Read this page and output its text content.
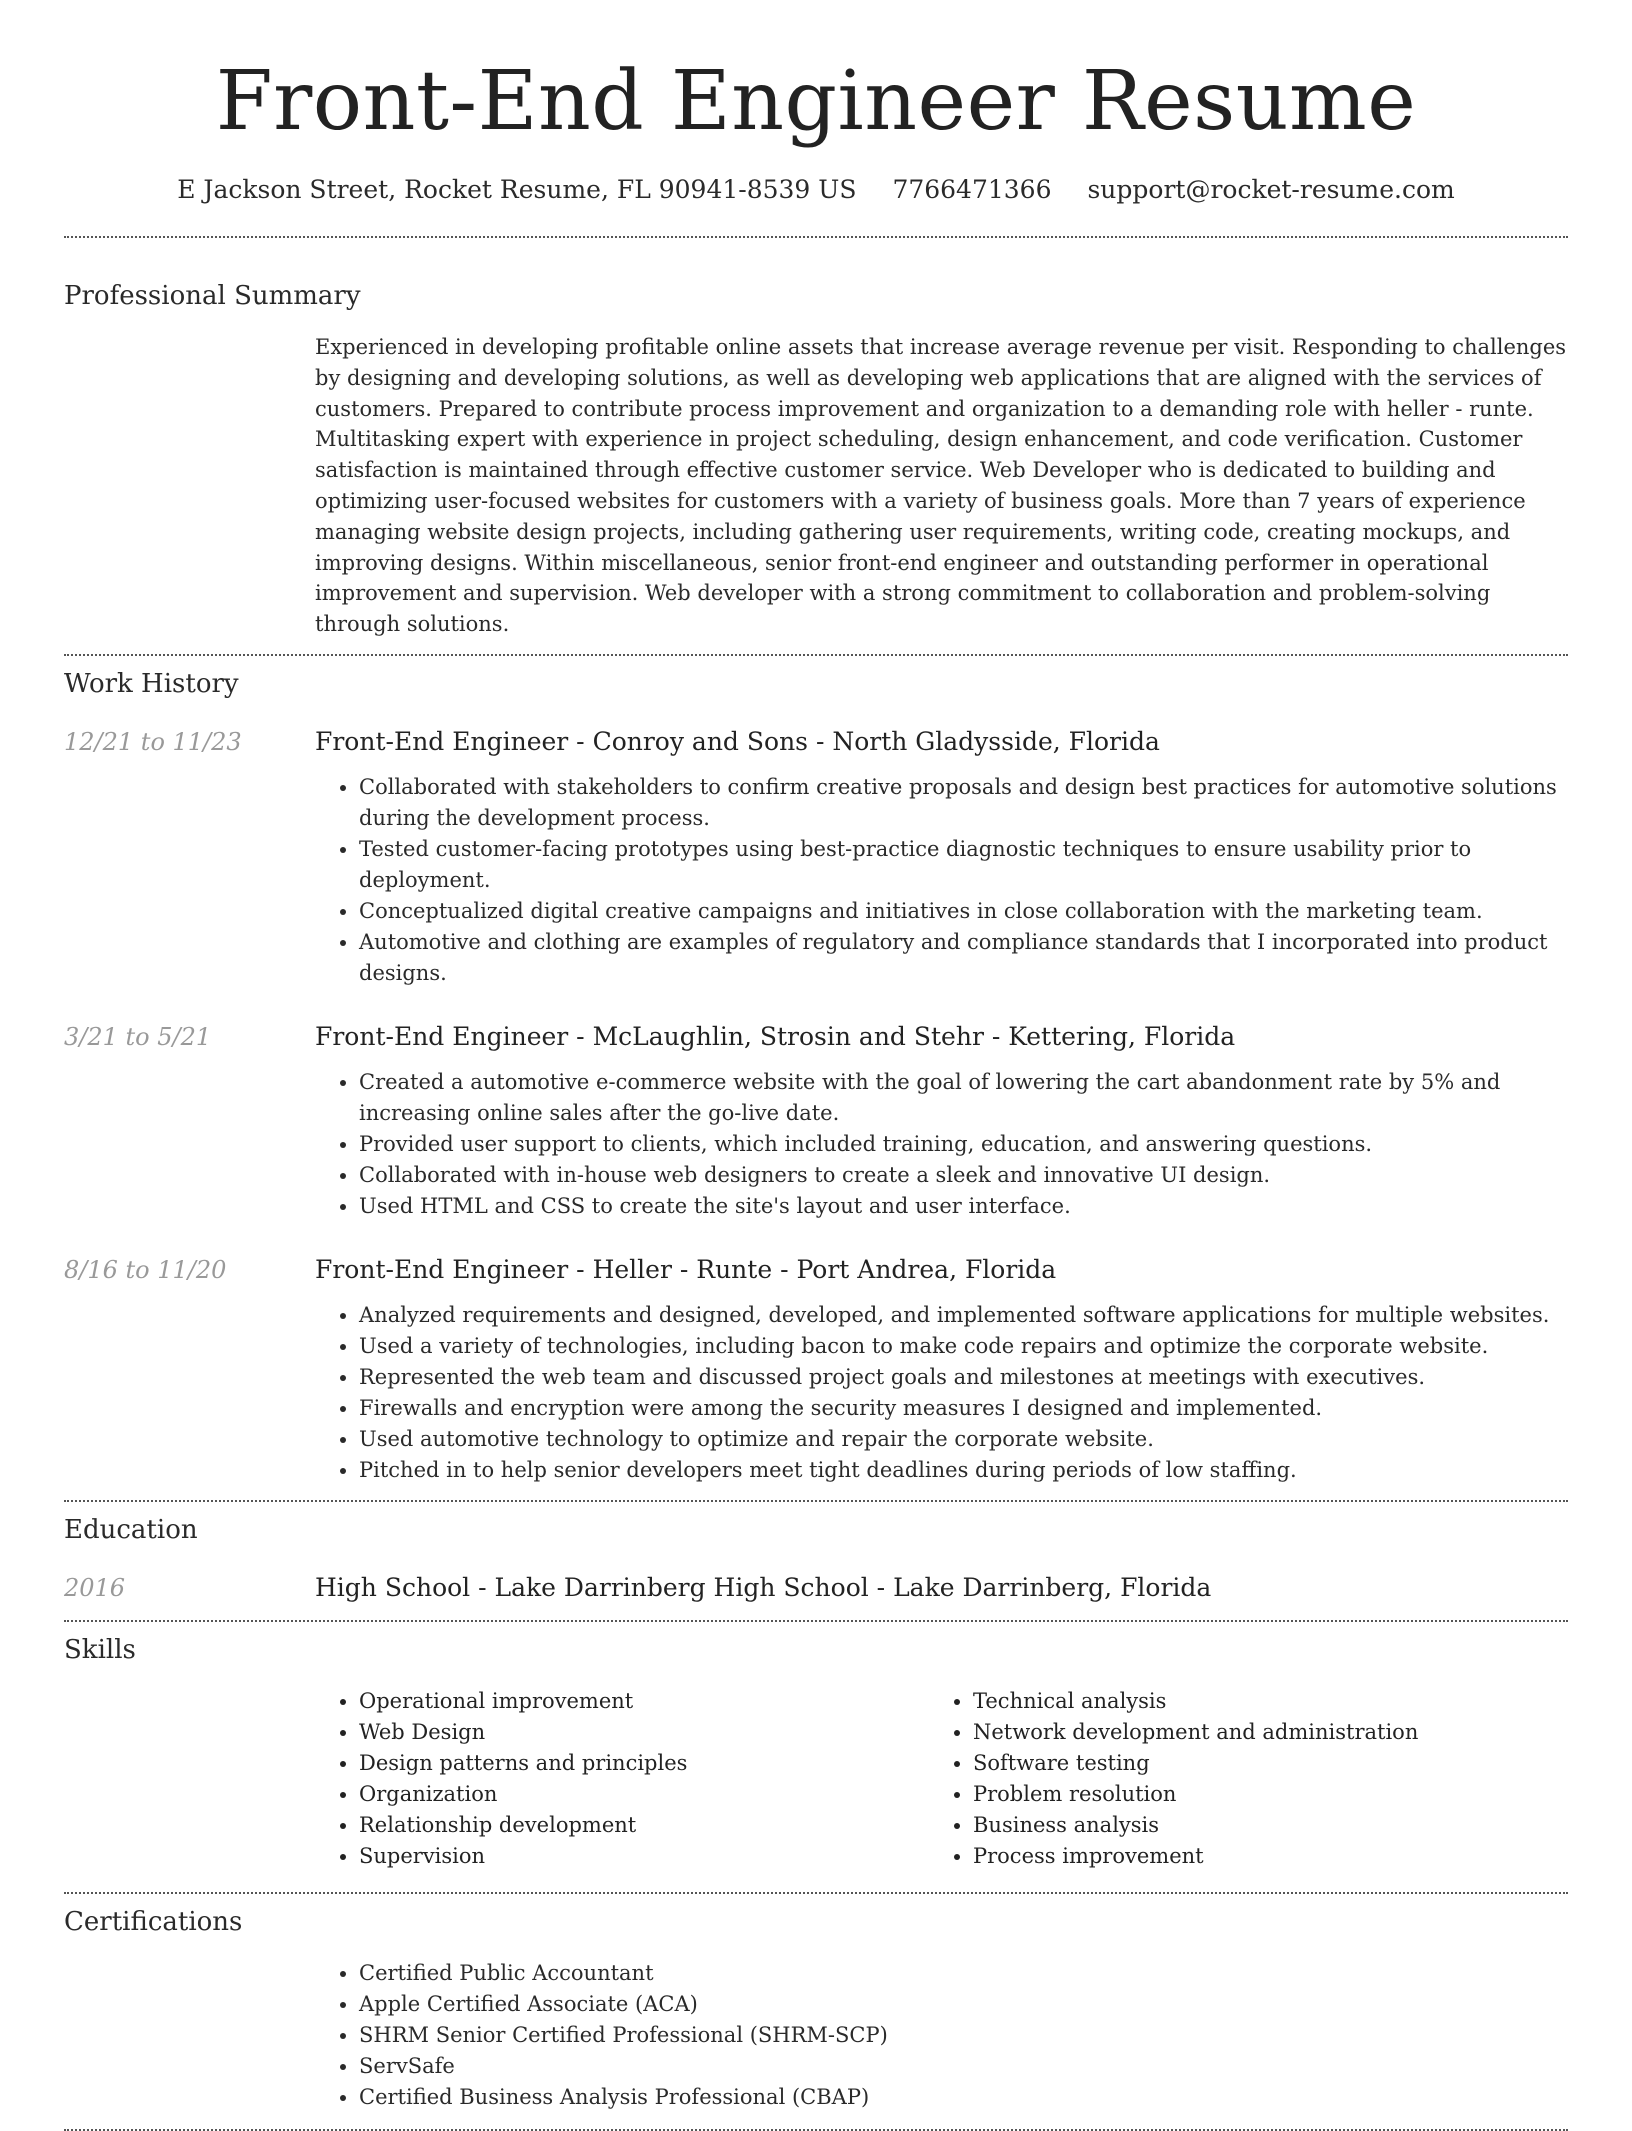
Front-End Engineer Resume
E Jackson Street, Rocket Resume, FL 90941-8539 US 7766471366 support@rocket-resume.com
Professional Summary
Experienced in developing profitable online assets that increase average revenue per visit. Responding to challenges by designing and developing solutions, as well as developing web applications that are aligned with the services of customers. Prepared to contribute process improvement and organization to a demanding role with heller - runte. Multitasking expert with experience in project scheduling, design enhancement, and code verification. Customer satisfaction is maintained through effective customer service. Web Developer who is dedicated to building and optimizing user-focused websites for customers with a variety of business goals. More than 7 years of experience managing website design projects, including gathering user requirements, writing code, creating mockups, and improving designs. Within miscellaneous, senior front-end engineer and outstanding performer in operational improvement and supervision. Web developer with a strong commitment to collaboration and problem-solving through solutions.
Work History
12/21 to 11/23	Front-End Engineer - Conroy and Sons - North Gladysside, Florida
• Collaborated with stakeholders to confirm creative proposals and design best practices for automotive solutions during the development process.
• Tested customer-facing prototypes using best-practice diagnostic techniques to ensure usability prior to deployment.
• Conceptualized digital creative campaigns and initiatives in close collaboration with the marketing team.
• Automotive and clothing are examples of regulatory and compliance standards that I incorporated into product designs.
3/21 to 5/21	Front-End Engineer - McLaughlin, Strosin and Stehr - Kettering, Florida
• Created a automotive e-commerce website with the goal of lowering the cart abandonment rate by 5% and increasing online sales after the go-live date.
• Provided user support to clients, which included training, education, and answering questions.
• Collaborated with in-house web designers to create a sleek and innovative UI design.
• Used HTML and CSS to create the site's layout and user interface.
8/16 to 11/20	Front-End Engineer - Heller - Runte - Port Andrea, Florida
• Analyzed requirements and designed, developed, and implemented software applications for multiple websites.
• Used a variety of technologies, including bacon to make code repairs and optimize the corporate website.
• Represented the web team and discussed project goals and milestones at meetings with executives.
• Firewalls and encryption were among the security measures I designed and implemented.
• Used automotive technology to optimize and repair the corporate website.
• Pitched in to help senior developers meet tight deadlines during periods of low staffing.
Education
2016	High School - Lake Darrinberg High School - Lake Darrinberg, Florida
Skills
• Operational improvement
• Web Design
• Design patterns and principles
• Organization
• Relationship development
• Supervision
• Technical analysis
• Network development and administration
• Software testing
• Problem resolution
• Business analysis
• Process improvement
Certifications
• Certified Public Accountant
• Apple Certified Associate (ACA)
• SHRM Senior Certified Professional (SHRM-SCP)
• ServSafe
• Certified Business Analysis Professional (CBAP)
